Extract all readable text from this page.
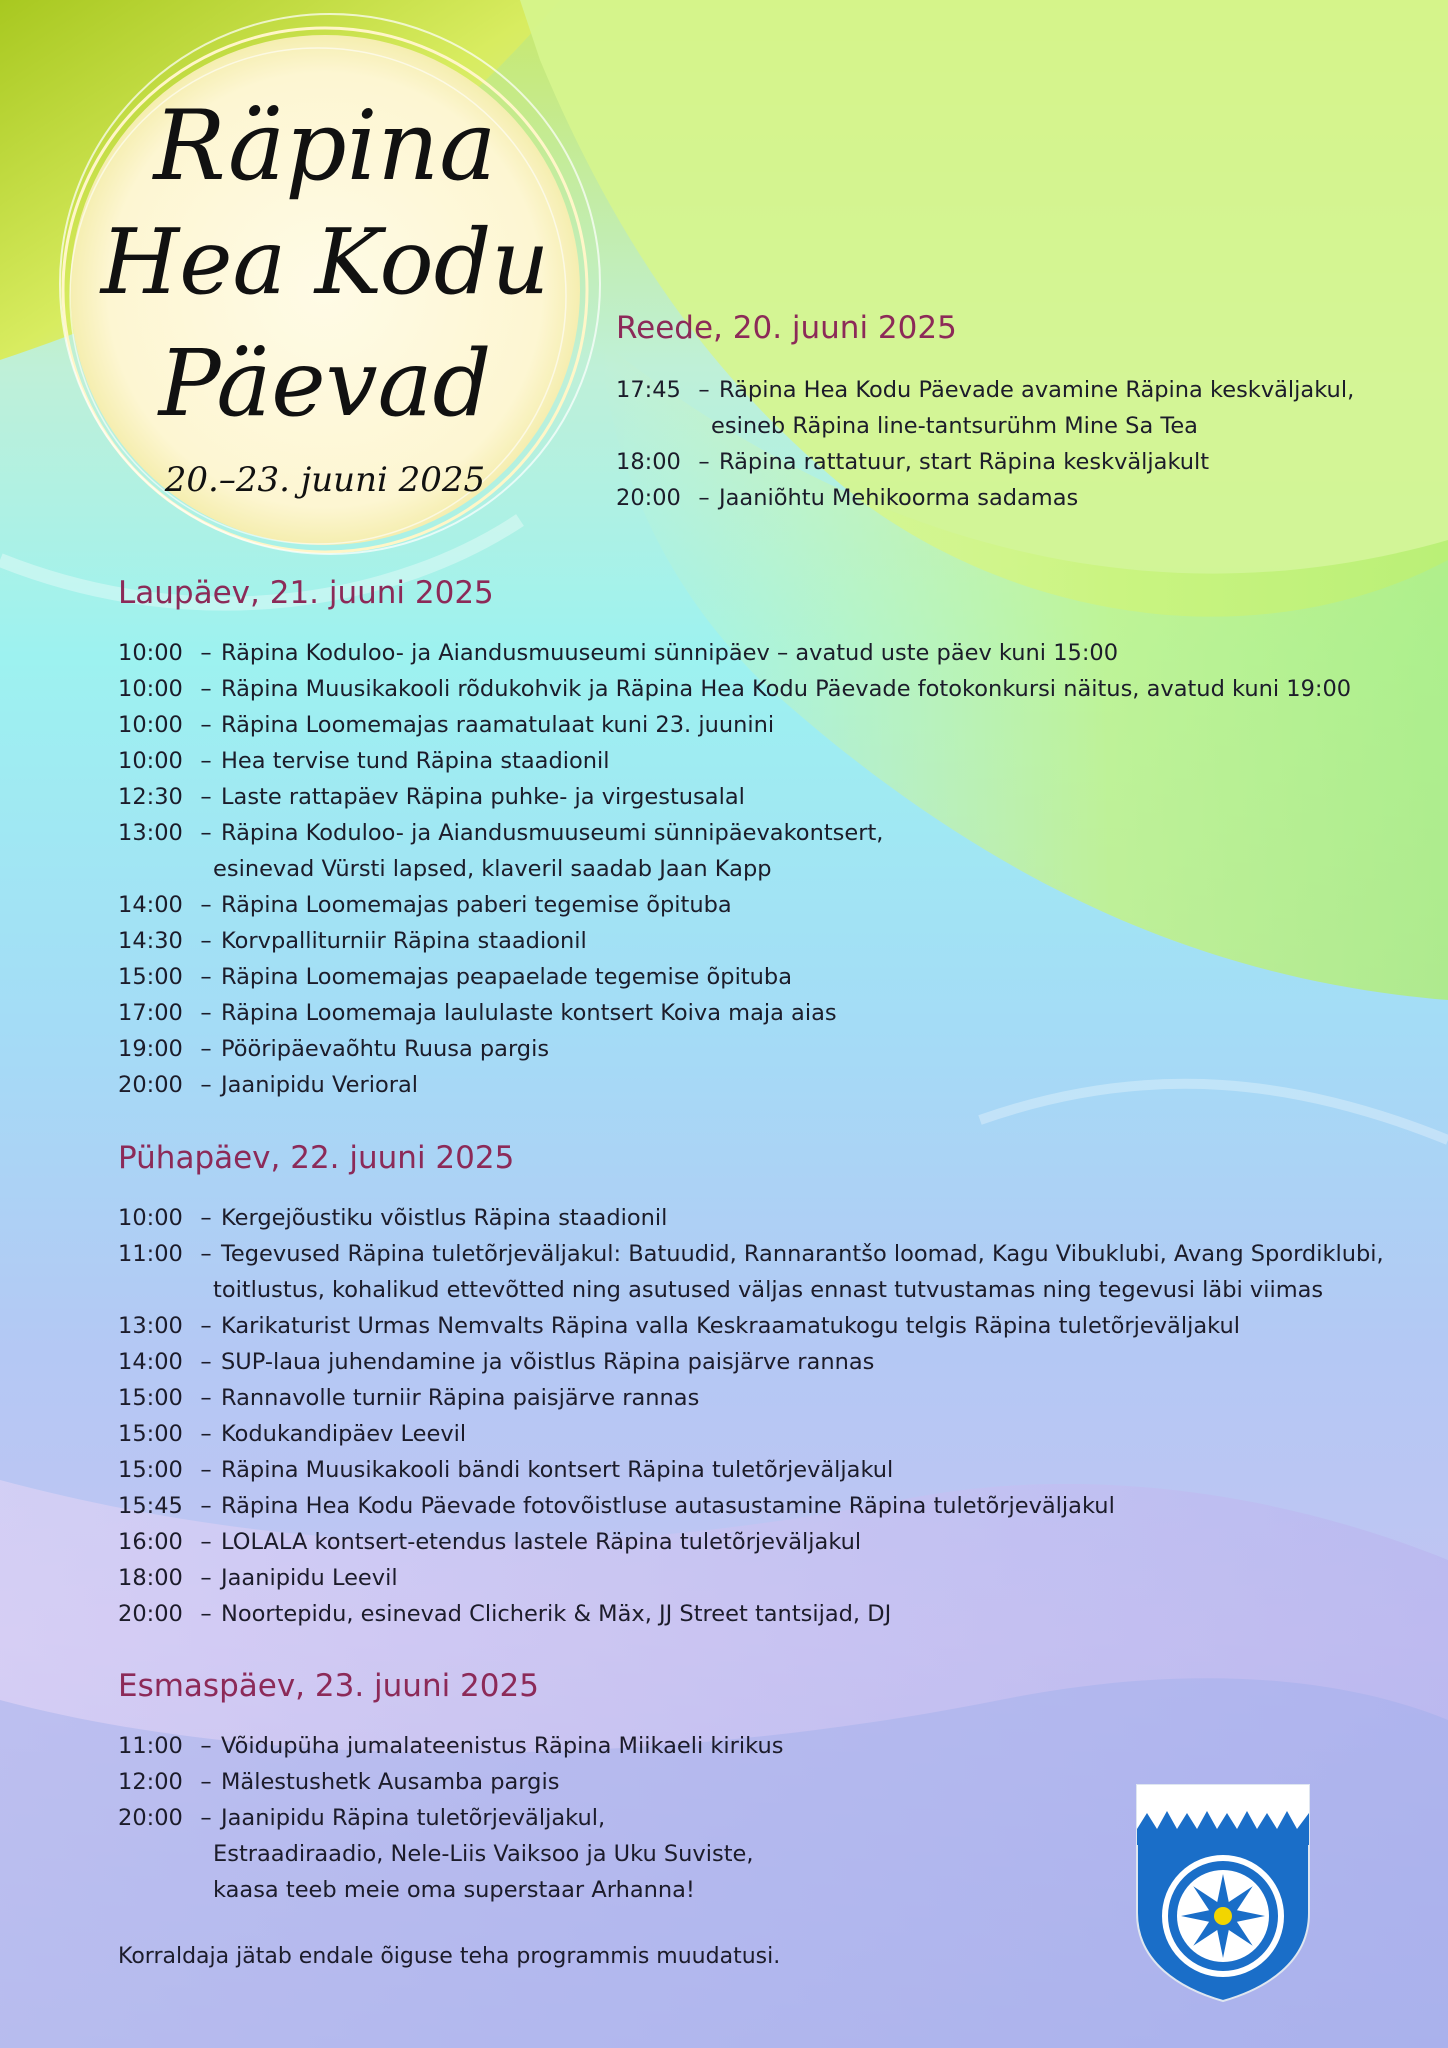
Räpina
Hea Kodu
Päevad
20.–23. juuni 2025
Reede, 20. juuni 2025
17:45 – Räpina Hea Kodu Päevade avamine Räpina keskväljakul,
esineb Räpina line-tantsurühm Mine Sa Tea
18:00 – Räpina rattatuur, start Räpina keskväljakult
20:00 – Jaaniõhtu Mehikoorma sadamas
Laupäev, 21. juuni 2025
10:00 – Räpina Koduloo- ja Aiandusmuuseumi sünnipäev – avatud uste päev kuni 15:00
10:00 – Räpina Muusikakooli rõdukohvik ja Räpina Hea Kodu Päevade fotokonkursi näitus, avatud kuni 19:00
10:00 – Räpina Loomemajas raamatulaat kuni 23. juunini
10:00 – Hea tervise tund Räpina staadionil
12:30 – Laste rattapäev Räpina puhke- ja virgestusalal
13:00 – Räpina Koduloo- ja Aiandusmuuseumi sünnipäevakontsert,
esinevad Vürsti lapsed, klaveril saadab Jaan Kapp
14:00 – Räpina Loomemajas paberi tegemise õpituba
14:30 – Korvpalliturniir Räpina staadionil
15:00 – Räpina Loomemajas peapaelade tegemise õpituba
17:00 – Räpina Loomemaja laululaste kontsert Koiva maja aias
19:00 – Pööripäevaõhtu Ruusa pargis
20:00 – Jaanipidu Verioral
Pühapäev, 22. juuni 2025
10:00 – Kergejõustiku võistlus Räpina staadionil
11:00 – Tegevused Räpina tuletõrjeväljakul: Batuudid, Rannarantšo loomad, Kagu Vibuklubi, Avang Spordiklubi,
toitlustus, kohalikud ettevõtted ning asutused väljas ennast tutvustamas ning tegevusi läbi viimas
13:00 – Karikaturist Urmas Nemvalts Räpina valla Keskraamatukogu telgis Räpina tuletõrjeväljakul
14:00 – SUP-laua juhendamine ja võistlus Räpina paisjärve rannas
15:00 – Rannavolle turniir Räpina paisjärve rannas
15:00 – Kodukandipäev Leevil
15:00 – Räpina Muusikakooli bändi kontsert Räpina tuletõrjeväljakul
15:45 – Räpina Hea Kodu Päevade fotovõistluse autasustamine Räpina tuletõrjeväljakul
16:00 – LOLALA kontsert-etendus lastele Räpina tuletõrjeväljakul
18:00 – Jaanipidu Leevil
20:00 – Noortepidu, esinevad Clicherik & Mäx, JJ Street tantsijad, DJ
Esmaspäev, 23. juuni 2025
11:00 – Võidupüha jumalateenistus Räpina Miikaeli kirikus
12:00 – Mälestushetk Ausamba pargis
20:00 – Jaanipidu Räpina tuletõrjeväljakul,
Estraadiraadio, Nele-Liis Vaiksoo ja Uku Suviste,
kaasa teeb meie oma superstaar Arhanna!
Korraldaja jätab endale õiguse teha programmis muudatusi.
